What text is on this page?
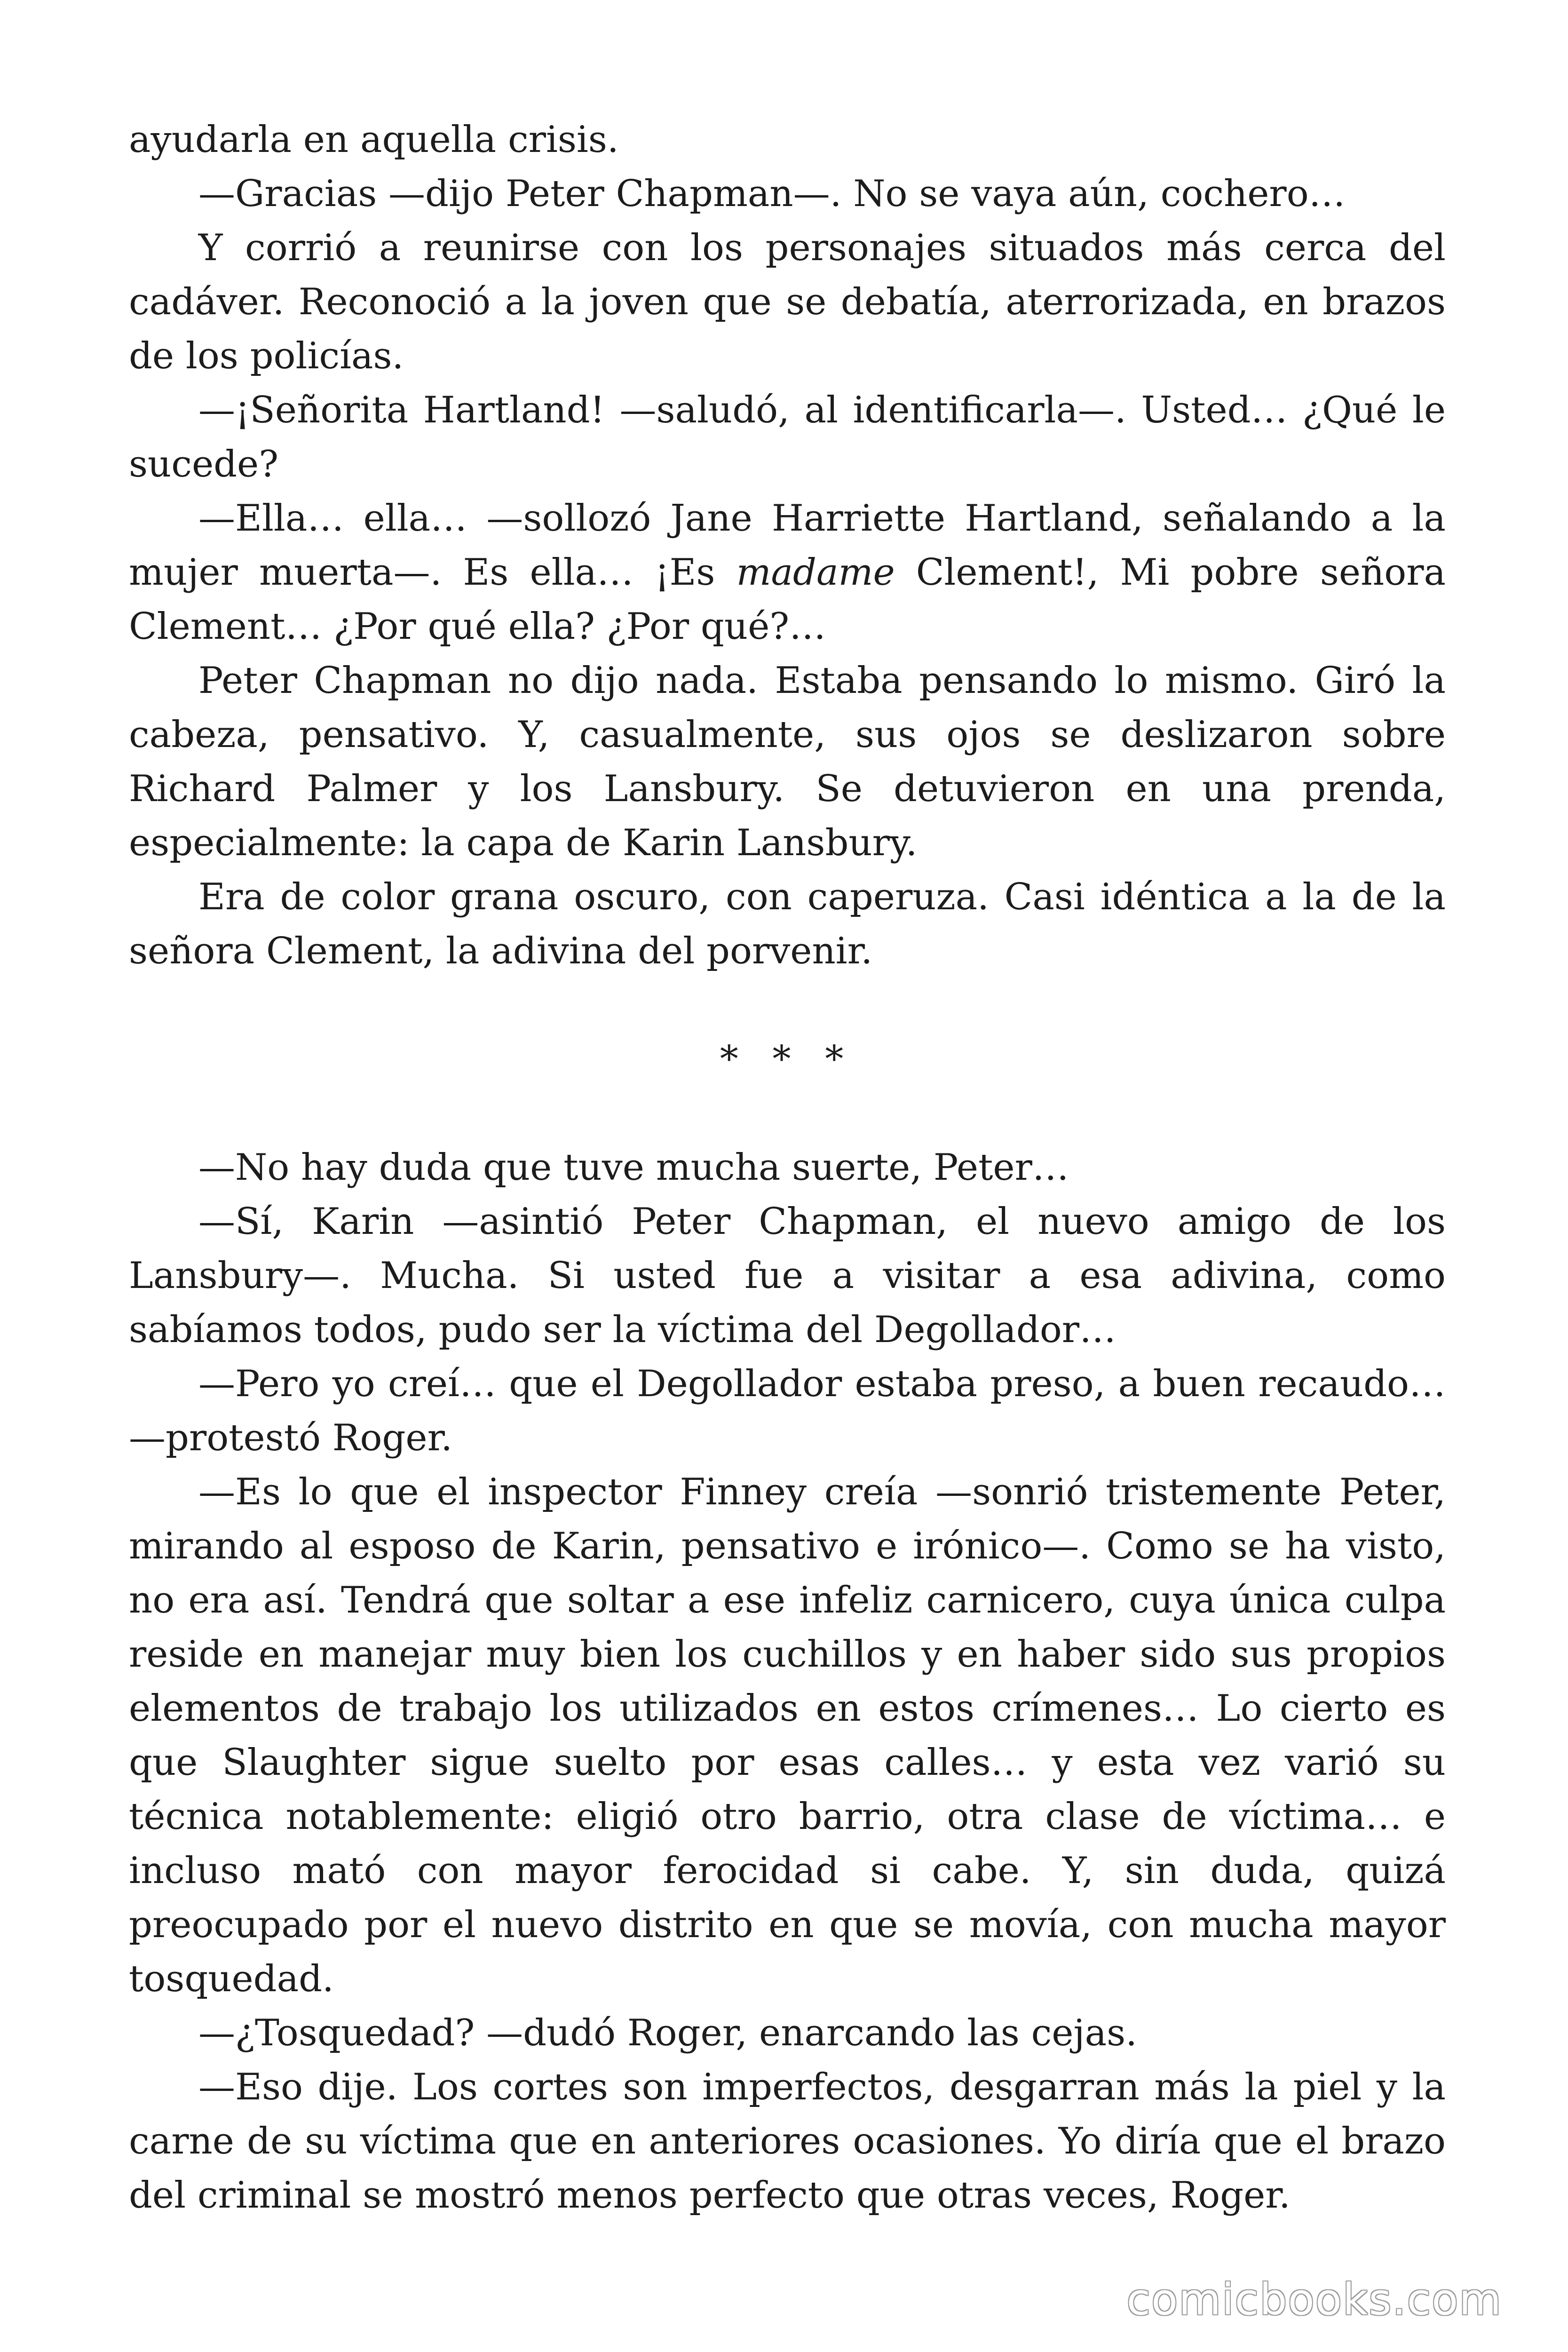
ayudarla en aquella crisis.

—Gracias —dijo Peter Chapman—. No se vaya aún, cochero…

Y corrió a reunirse con los personajes situados más cerca del cadáver. Reconoció a la joven que se debatía, aterrorizada, en brazos de los policías.

—¡Señorita Hartland! —saludó, al identificarla—. Usted… ¿Qué le sucede?

—Ella… ella… —sollozó Jane Harriette Hartland, señalando a la mujer muerta—. Es ella… ¡Es madame Clement!, Mi pobre señora Clement… ¿Por qué ella? ¿Por qué?…

Peter Chapman no dijo nada. Estaba pensando lo mismo. Giró la cabeza, pensativo. Y, casualmente, sus ojos se deslizaron sobre Richard Palmer y los Lansbury. Se detuvieron en una prenda, especialmente: la capa de Karin Lansbury.

Era de color grana oscuro, con caperuza. Casi idéntica a la de la señora Clement, la adivina del porvenir.

* * *

—No hay duda que tuve mucha suerte, Peter…

—Sí, Karin —asintió Peter Chapman, el nuevo amigo de los Lansbury—. Mucha. Si usted fue a visitar a esa adivina, como sabíamos todos, pudo ser la víctima del Degollador…

—Pero yo creí… que el Degollador estaba preso, a buen recaudo… —protestó Roger.

—Es lo que el inspector Finney creía —sonrió tristemente Peter, mirando al esposo de Karin, pensativo e irónico—. Como se ha visto, no era así. Tendrá que soltar a ese infeliz carnicero, cuya única culpa reside en manejar muy bien los cuchillos y en haber sido sus propios elementos de trabajo los utilizados en estos crímenes… Lo cierto es que Slaughter sigue suelto por esas calles… y esta vez varió su técnica notablemente: eligió otro barrio, otra clase de víctima… e incluso mató con mayor ferocidad si cabe. Y, sin duda, quizá preocupado por el nuevo distrito en que se movía, con mucha mayor tosquedad.

—¿Tosquedad? —dudó Roger, enarcando las cejas.

—Eso dije. Los cortes son imperfectos, desgarran más la piel y la carne de su víctima que en anteriores ocasiones. Yo diría que el brazo del criminal se mostró menos perfecto que otras veces, Roger.

comicbooks.com
